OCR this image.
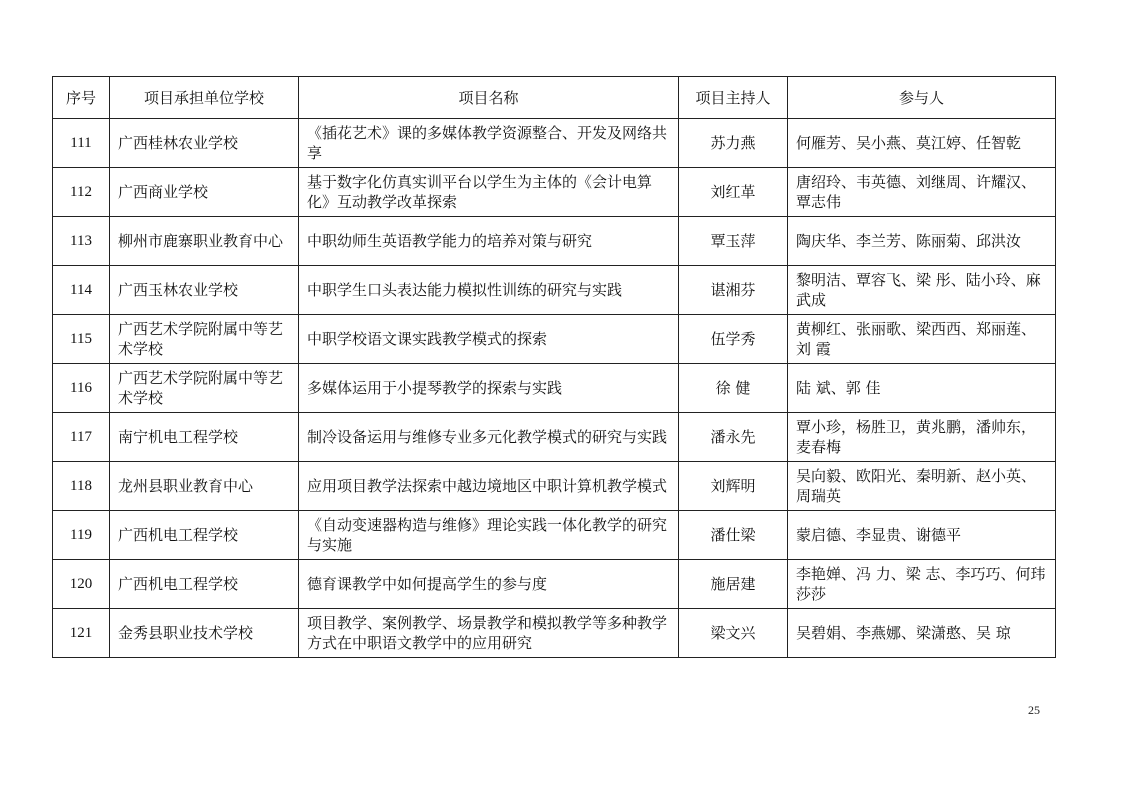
序号	项目承担单位学校	项目名称	项目主持人	参与人
111	广西桂林农业学校	《插花艺术》课的多媒体教学资源整合、开发及网络共享	苏力燕	何雁芳、吴小燕、莫江婷、任智乾
112	广西商业学校	基于数字化仿真实训平台以学生为主体的《会计电算化》互动教学改革探索	刘红革	唐绍玲、韦英德、刘继周、许耀汉、覃志伟
113	柳州市鹿寨职业教育中心	中职幼师生英语教学能力的培养对策与研究	覃玉萍	陶庆华、李兰芳、陈丽菊、邱洪汝
114	广西玉林农业学校	中职学生口头表达能力模拟性训练的研究与实践	谌湘芬	黎明洁、覃容飞、梁 彤、陆小玲、麻武成
115	广西艺术学院附属中等艺术学校	中职学校语文课实践教学模式的探索	伍学秀	黄柳红、张丽歌、梁西西、郑丽莲、刘 霞
116	广西艺术学院附属中等艺术学校	多媒体运用于小提琴教学的探索与实践	徐 健	陆 斌、郭 佳
117	南宁机电工程学校	制冷设备运用与维修专业多元化教学模式的研究与实践	潘永先	覃小珍，杨胜卫，黄兆鹏，潘帅东，麦春梅
118	龙州县职业教育中心	应用项目教学法探索中越边境地区中职计算机教学模式	刘辉明	吴向毅、欧阳光、秦明新、赵小英、周瑞英
119	广西机电工程学校	《自动变速器构造与维修》理论实践一体化教学的研究与实施	潘仕梁	蒙启德、李显贵、谢德平
120	广西机电工程学校	德育课教学中如何提高学生的参与度	施居建	李艳婵、冯 力、梁 志、李巧巧、何玮莎莎
121	金秀县职业技术学校	项目教学、案例教学、场景教学和模拟教学等多种教学方式在中职语文教学中的应用研究	梁文兴	吴碧娟、李燕娜、梁潇憨、吴 琼
25
